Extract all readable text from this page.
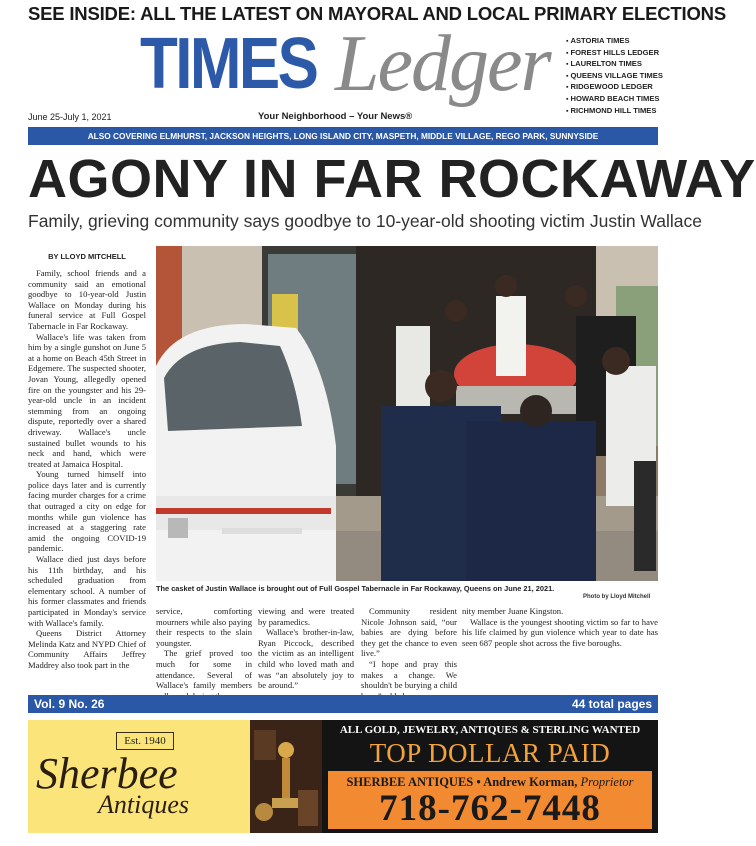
SEE INSIDE: ALL THE LATEST ON MAYORAL AND LOCAL PRIMARY ELECTIONS
TIMES Ledger
Your Neighborhood – Your News®
▪ ASTORIA TIMES
▪ FOREST HILLS LEDGER
▪ LAURELTON TIMES
▪ QUEENS VILLAGE TIMES
▪ RIDGEWOOD LEDGER
▪ HOWARD BEACH TIMES
▪ RICHMOND HILL TIMES
June 25-July 1, 2021
ALSO COVERING ELMHURST, JACKSON HEIGHTS, LONG ISLAND CITY, MASPETH, MIDDLE VILLAGE, REGO PARK, SUNNYSIDE
AGONY IN FAR ROCKAWAY
Family, grieving community says goodbye to 10-year-old shooting victim Justin Wallace
BY LLOYD MITCHELL

Family, school friends and a community said an emotional goodbye to 10-year-old Justin Wallace on Monday during his funeral service at Full Gospel Tabernacle in Far Rockaway.

Wallace's life was taken from him by a single gunshot on June 5 at a home on Beach 45th Street in Edgemere. The suspected shooter, Jovan Young, allegedly opened fire on the youngster and his 29-year-old uncle in an incident stemming from an ongoing dispute, reportedly over a shared driveway. Wallace's uncle sustained bullet wounds to his neck and hand, which were treated at Jamaica Hospital.

Young turned himself into police days later and is currently facing murder charges for a crime that outraged a city on edge for months while gun violence has increased at a staggering rate amid the ongoing COVID-19 pandemic.

Wallace died just days before his 11th birthday, and his scheduled graduation from elementary school. A number of his former classmates and friends participated in Monday's service with Wallace's family.

Queens District Attorney Melinda Katz and NYPD Chief of Community Affairs Jeffrey Maddrey also took part in the

The casket of Justin Wallace is brought out of Full Gospel Tabernacle in Far Rockaway, Queens on June 21, 2021.
Photo by Lloyd Mitchell

service, comforting mourners while also paying their respects to the slain youngster.

The grief proved too much for some in attendance. Several of Wallace's family members

viewing and were treated by paramedics.

Wallace's brother-in-law, Ryan Piccock, described the victim as an intelligent child who loved math and was “an absolutely joy to be around.”

Community resident Nicole Johnson said, “our babies are dying before they get the chance to even live.”

“I hope and pray this makes a change. We shouldn't be burying a child

nity member Juane Kingston.

Wallace is the youngest shooting victim so far to have his life claimed by gun violence which year to date has seen 687 people shot across the five boroughs.

Vol. 9 No. 26	44 total pages
Est. 1940
Sherbee
Antiques
ALL GOLD, JEWELRY, ANTIQUES & STERLING WANTED
TOP DOLLAR PAID
SHERBEE ANTIQUES • Andrew Korman, Proprietor
718-762-7448
